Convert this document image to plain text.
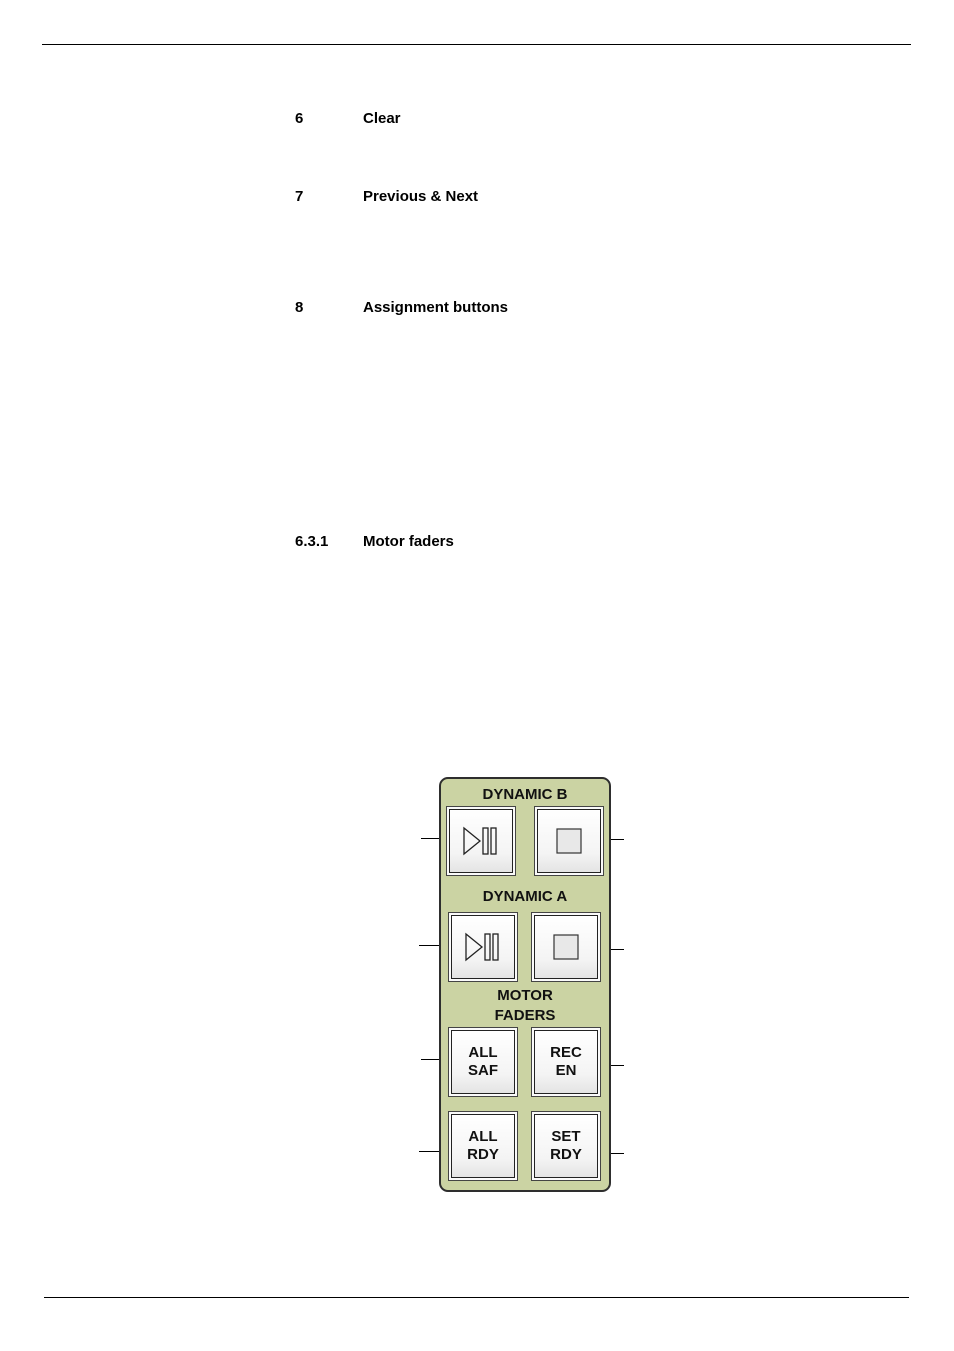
6	Clear
7	Previous & Next
8	Assignment buttons
6.3.1 Motor faders
DYNAMIC B
DYNAMIC A
MOTOR
FADERS
ALL
SAF
REC
EN
ALL
RDY
SET
RDY
